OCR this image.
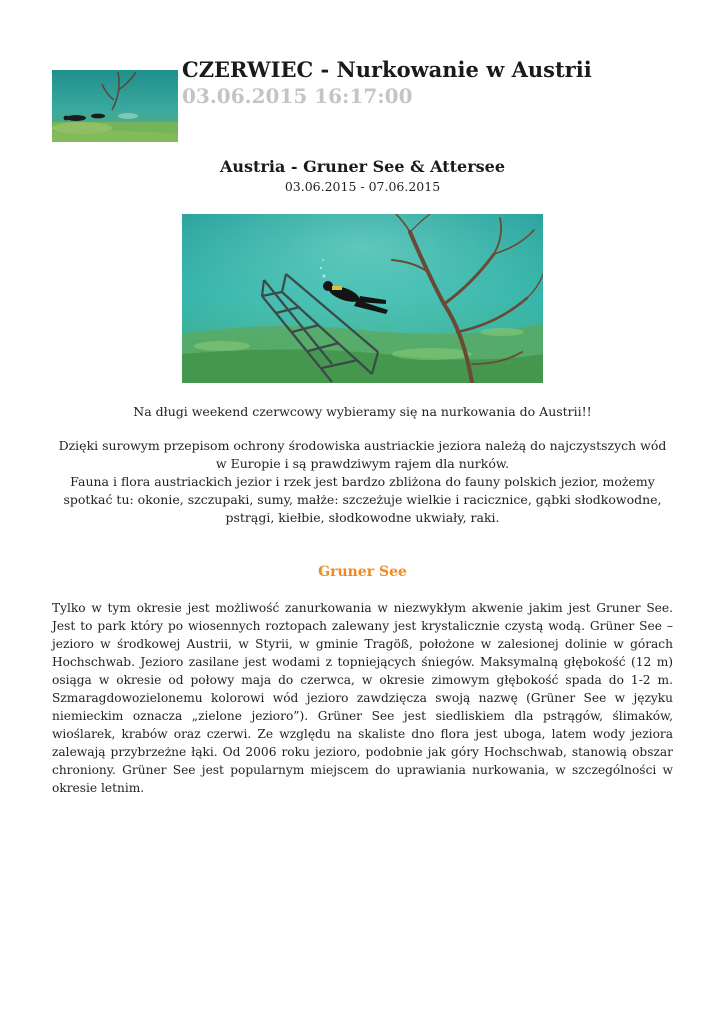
CZERWIEC - Nurkowanie w Austrii
03.06.2015 16:17:00
Austria - Gruner See & Attersee
03.06.2015 - 07.06.2015
Na długi weekend czerwcowy wybieramy się na nurkowania do Austrii!!
Dzięki surowym przepisom ochrony środowiska austriackie jeziora należą do najczystszych wód w Europie i są prawdziwym rajem dla nurków.
Fauna i flora austriackich jezior i rzek jest bardzo zbliżona do fauny polskich jezior, możemy spotkać tu: okonie, szczupaki, sumy, małże: szczeżuje wielkie i racicznice, gąbki słodkowodne, pstrągi, kiełbie, słodkowodne ukwiały, raki.
Gruner See

Tylko w tym okresie jest możliwość zanurkowania w niezwykłym akwenie jakim jest Gruner See. Jest to park który po wiosennych roztopach zalewany jest krystalicznie czystą wodą. Grüner See – jezioro w środkowej Austrii, w Styrii, w gminie Tragöß, położone w zalesionej dolinie w górach Hochschwab. Jezioro zasilane jest wodami z topniejących śniegów. Maksymalną głębokość (12 m) osiąga w okresie od połowy maja do czerwca, w okresie zimowym głębokość spada do 1-2 m. Szmaragdowozielonemu kolorowi wód jezioro zawdzięcza swoją nazwę (Grüner See w języku niemieckim oznacza „zielone jezioro”). Grüner See jest siedliskiem dla pstrągów, ślimaków, wioślarek, krabów oraz czerwi. Ze względu na skaliste dno flora jest uboga, latem wody jeziora zalewają przybrzeżne łąki. Od 2006 roku jezioro, podobnie jak góry Hochschwab, stanowią obszar chroniony. Grüner See jest popularnym miejscem do uprawiania nurkowania, w szczególności w okresie letnim.
